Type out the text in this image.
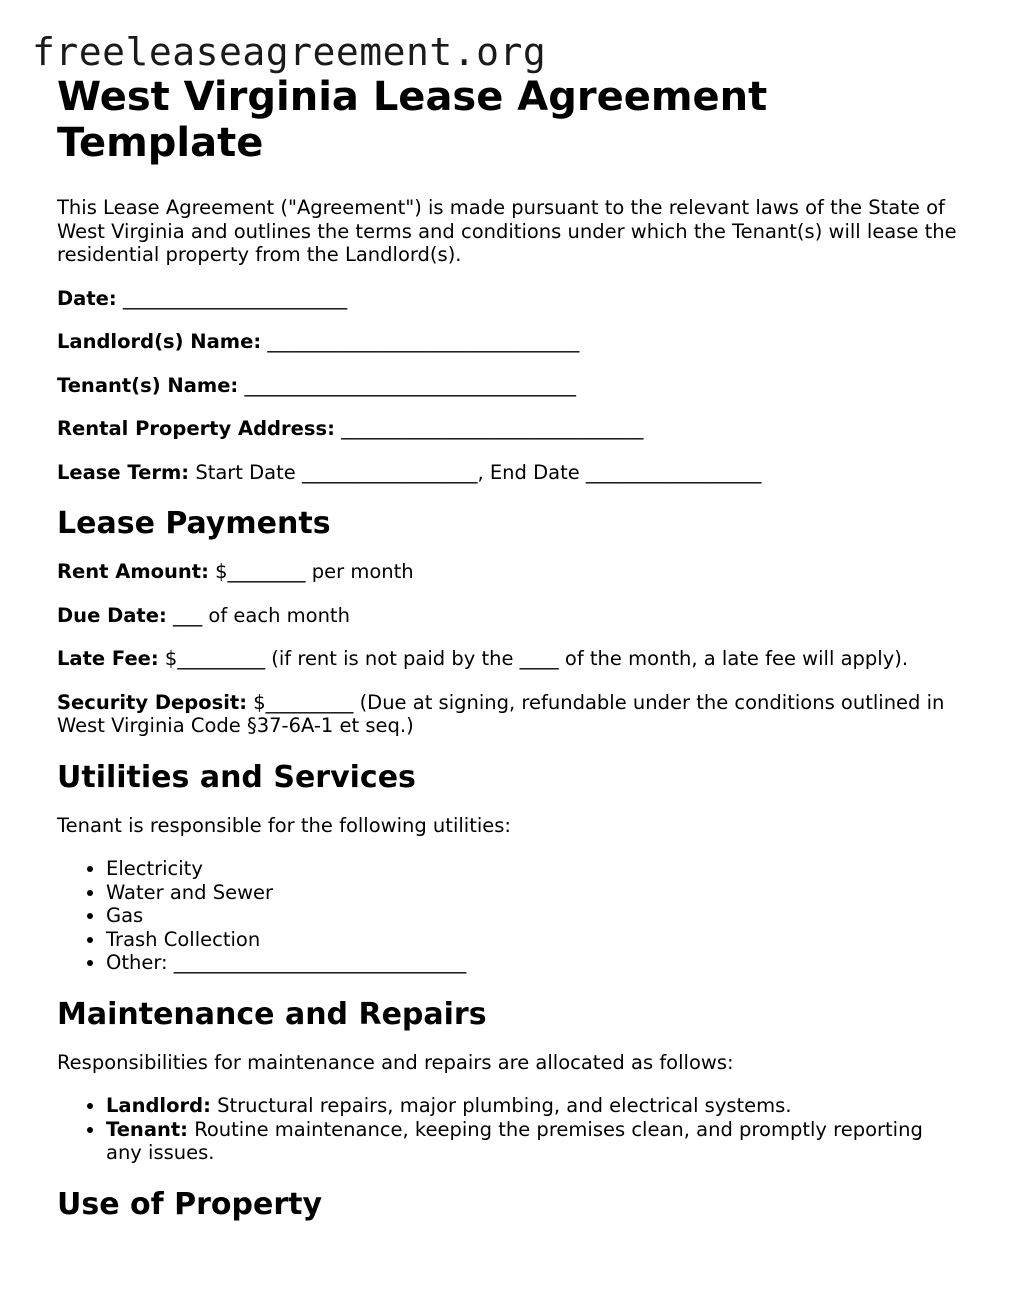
freeleaseagreement.org
West Virginia Lease Agreement Template

This Lease Agreement ("Agreement") is made pursuant to the relevant laws of the State of West Virginia and outlines the terms and conditions under which the Tenant(s) will lease the residential property from the Landlord(s).

Date: _______________________

Landlord(s) Name: ________________________________

Tenant(s) Name: __________________________________

Rental Property Address: _______________________________

Lease Term: Start Date __________________, End Date __________________

Lease Payments

Rent Amount: $________ per month

Due Date: ___ of each month

Late Fee: $_________ (if rent is not paid by the ____ of the month, a late fee will apply).

Security Deposit: $_________ (Due at signing, refundable under the conditions outlined in West Virginia Code §37-6A-1 et seq.)

Utilities and Services

Tenant is responsible for the following utilities:

• Electricity
• Water and Sewer
• Gas
• Trash Collection
• Other: ______________________________
Maintenance and Repairs

Responsibilities for maintenance and repairs are allocated as follows:

• Landlord: Structural repairs, major plumbing, and electrical systems.
• Tenant: Routine maintenance, keeping the premises clean, and promptly reporting any issues.
Use of Property
